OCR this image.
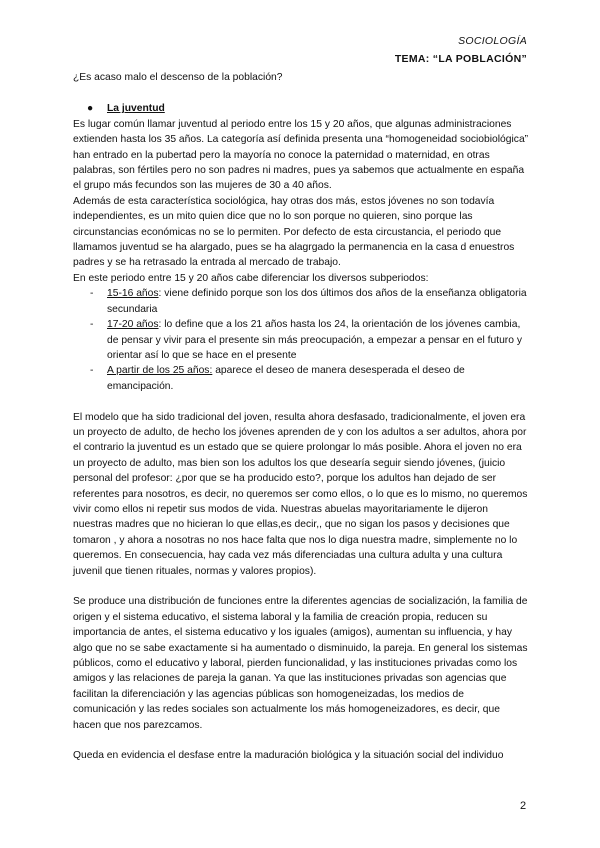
SOCIOLOGÍA
TEMA: “LA POBLACIÓN”

¿Es acaso malo el descenso de la población?

● La juventud

Es lugar común llamar juventud al periodo entre los 15 y 20 años, que algunas administraciones extienden hasta los 35 años. La categoría así definida presenta una “homogeneidad sociobiológica” han entrado en la pubertad pero la mayoría no conoce la paternidad o maternidad, en otras palabras, son fértiles pero no son padres ni madres, pues ya sabemos que actualmente en españa el grupo más fecundos son las mujeres de 30 a 40 años.

Además de esta característica sociológica, hay otras dos más, estos jóvenes no son todavía independientes, es un mito quien dice que no lo son porque no quieren, sino porque las circunstancias económicas no se lo permiten. Por defecto de esta circustancia, el periodo que llamamos juventud se ha alargado, pues se ha alagrgado la permanencia en la casa d enuestros padres y se ha retrasado la entrada al mercado de trabajo.

En este periodo entre 15 y 20 años cabe diferenciar los diversos subperiodos:

- 15-16 años: viene definido porque son los dos últimos dos años de la enseñanza obligatoria secundaria
- 17-20 años: lo define que a los 21 años hasta los 24, la orientación de los jóvenes cambia, de pensar y vivir para el presente sin más preocupación, a empezar a pensar en el futuro y orientar así lo que se hace en el presente
- A partir de los 25 años: aparece el deseo de manera desesperada el deseo de emancipación.

El modelo que ha sido tradicional del joven, resulta ahora desfasado, tradicionalmente, el joven era un proyecto de adulto, de hecho los jóvenes aprenden de y con los adultos a ser adultos, ahora por el contrario la juventud es un estado que se quiere prolongar lo más posible. Ahora el joven no era un proyecto de adulto, mas bien son los adultos los que desearía seguir siendo jóvenes, (juicio personal del profesor: ¿por que se ha producido esto?, porque los adultos han dejado de ser referentes para nosotros, es decir, no queremos ser como ellos, o lo que es lo mismo, no queremos vivir como ellos ni repetir sus modos de vida. Nuestras abuelas mayoritariamente le dijeron nuestras madres que no hicieran lo que ellas,es decir,, que no sigan los pasos y decisiones que tomaron , y ahora a nosotras no nos hace falta que nos lo diga nuestra madre, simplemente no lo queremos. En consecuencia, hay cada vez más diferenciadas una cultura adulta y una cultura juvenil que tienen rituales, normas y valores propios).

Se produce una distribución de funciones entre la diferentes agencias de socialización, la familia de origen y el sistema educativo, el sistema laboral y la familia de creación propia, reducen su importancia de antes, el sistema educativo y los iguales (amigos), aumentan su influencia, y hay algo que no se sabe exactamente si ha aumentado o disminuido, la pareja. En general los sistemas públicos, como el educativo y laboral, pierden funcionalidad, y las instituciones privadas como los amigos y las relaciones de pareja la ganan. Ya que las instituciones privadas son agencias que facilitan la diferenciación y las agencias públicas son homogeneizadas, los medios de comunicación y las redes sociales son actualmente los más homogeneizadores, es decir, que hacen que nos parezcamos.

Queda en evidencia el desfase entre la maduración biológica y la situación social del individuo

2
